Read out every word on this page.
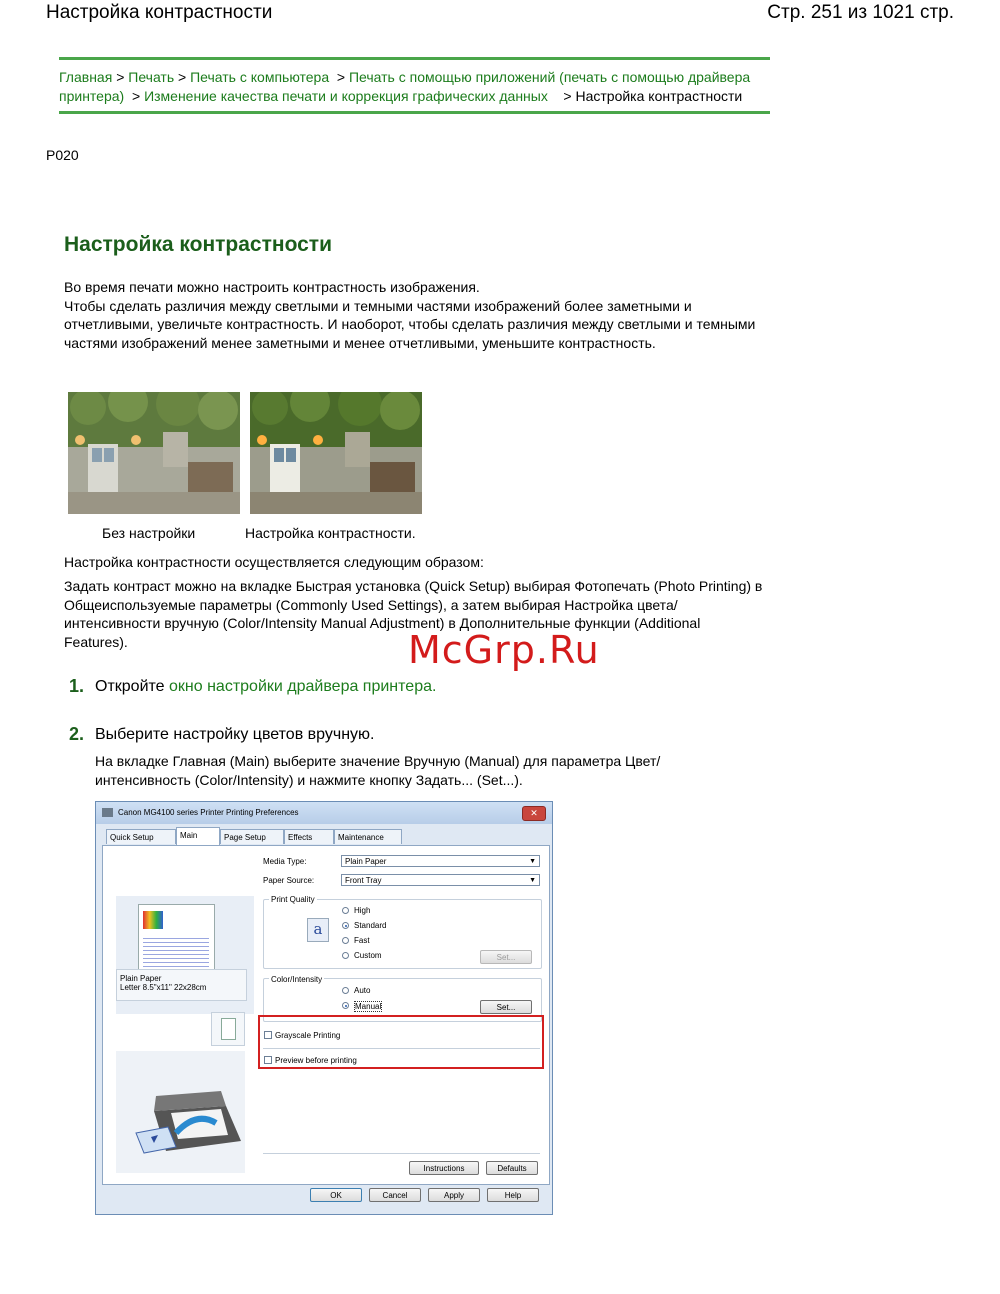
Настройка контрастности	Стр. 251 из 1021 стр.
Главная > Печать > Печать с компьютера > Печать с помощью приложений (печать с помощью драйвера принтера) > Изменение качества печати и коррекция графических данных > Настройка контрастности
P020
Настройка контрастности
Во время печати можно настроить контрастность изображения.
Чтобы сделать различия между светлыми и темными частями изображений более заметными и отчетливыми, увеличьте контрастность. И наоборот, чтобы сделать различия между светлыми и темными частями изображений менее заметными и менее отчетливыми, уменьшите контрастность.
Без настройки	Настройка контрастности.
Настройка контрастности осуществляется следующим образом:
Задать контраст можно на вкладке Быстрая установка (Quick Setup) выбирая Фотопечать (Photo Printing) в Общеиспользуемые параметры (Commonly Used Settings), а затем выбирая Настройка цвета/интенсивности вручную (Color/Intensity Manual Adjustment) в Дополнительные функции (Additional Features).	McGrp.Ru
1. Откройте окно настройки драйвера принтера.
2. Выберите настройку цветов вручную.
На вкладке Главная (Main) выберите значение Вручную (Manual) для параметра Цвет/интенсивность (Color/Intensity) и нажмите кнопку Задать... (Set...).
Canon MG4100 series Printer Printing Preferences	✕
Quick Setup	Main	Page Setup	Effects	Maintenance
Plain Paper
Letter 8.5"x11" 22x28cm
Media Type:	Plain Paper	▼
Paper Source:	Front Tray	▼
Print Quality
a
High
Standard
Fast
Custom	Set...
Color/Intensity
Auto
Manual	Set...
Grayscale Printing
Preview before printing
Instructions	Defaults
OK	Cancel	Apply	Help
